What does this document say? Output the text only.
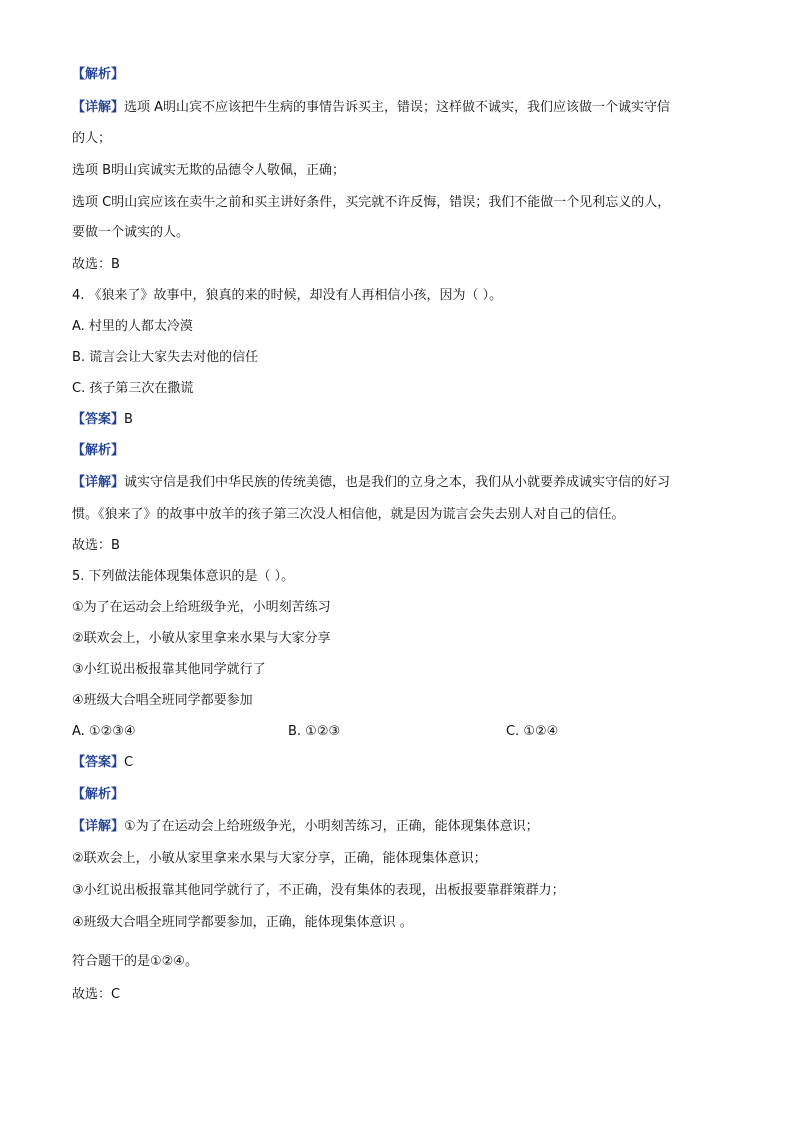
【解析】
【详解】选项 A明山宾不应该把牛生病的事情告诉买主，错误；这样做不诚实，我们应该做一个诚实守信
的人；
选项 B明山宾诚实无欺的品德令人敬佩，正确；
选项 C明山宾应该在卖牛之前和买主讲好条件，买完就不许反悔，错误；我们不能做一个见利忘义的人，
要做一个诚实的人。
故选：B
4. 《狼来了》故事中，狼真的来的时候，却没有人再相信小孩，因为（ ）。
A. 村里的人都太冷漠
B. 谎言会让大家失去对他的信任
C. 孩子第三次在撒谎
【答案】B
【解析】
【详解】诚实守信是我们中华民族的传统美德，也是我们的立身之本，我们从小就要养成诚实守信的好习
惯。《狼来了》的故事中放羊的孩子第三次没人相信他，就是因为谎言会失去别人对自己的信任。
故选：B
5. 下列做法能体现集体意识的是（ ）。
①为了在运动会上给班级争光，小明刻苦练习
②联欢会上，小敏从家里拿来水果与大家分享
③小红说出板报靠其他同学就行了
④班级大合唱全班同学都要参加
A. ①②③④	B. ①②③	C. ①②④
【答案】C
【解析】
【详解】①为了在运动会上给班级争光，小明刻苦练习，正确，能体现集体意识；
②联欢会上，小敏从家里拿来水果与大家分享，正确，能体现集体意识；
③小红说出板报靠其他同学就行了，不正确，没有集体的表现，出板报要靠群策群力；
④班级大合唱全班同学都要参加，正确，能体现集体意识 。
符合题干的是①②④。
故选：C
